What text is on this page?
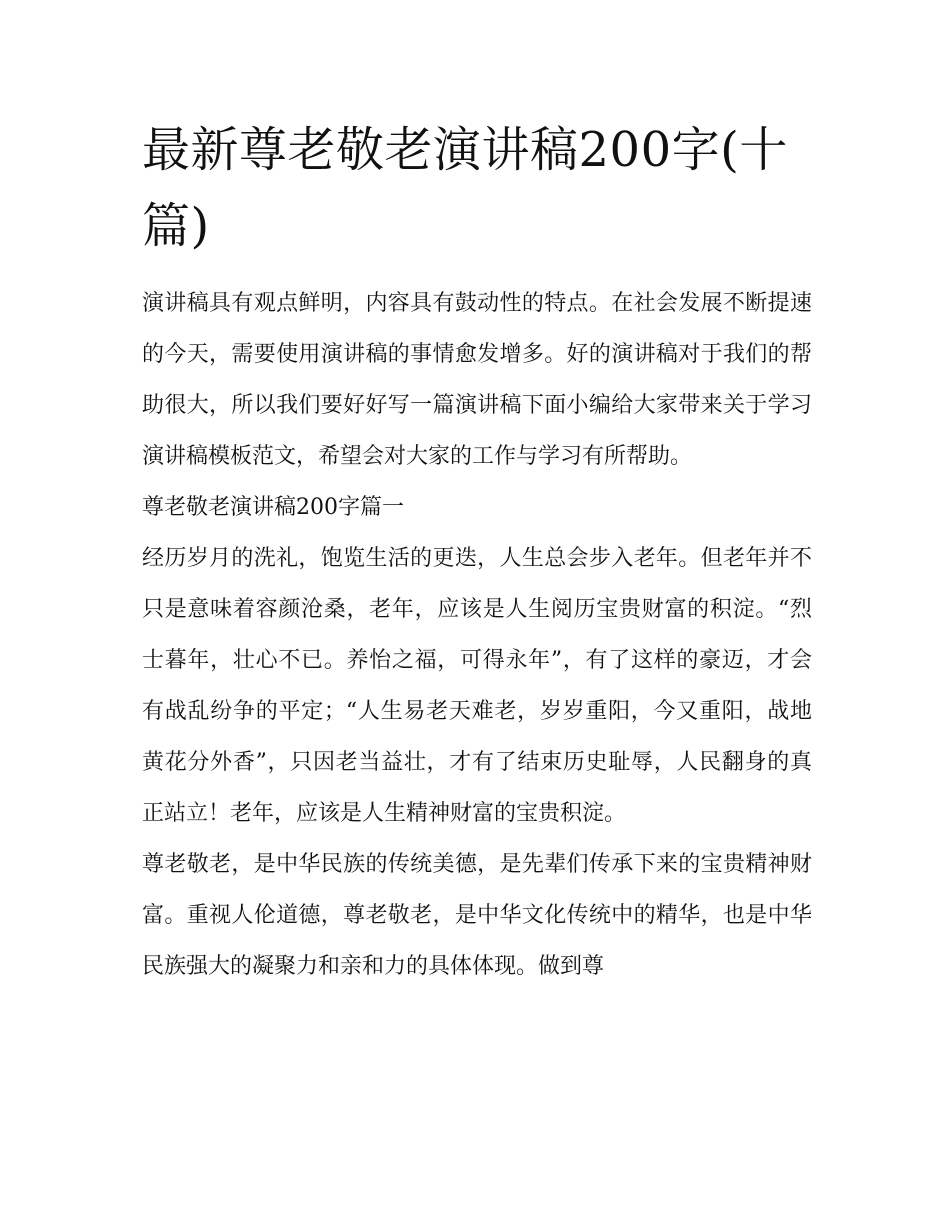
最新尊老敬老演讲稿200字(十篇)

演讲稿具有观点鲜明，内容具有鼓动性的特点。在社会发展不断提速的今天，需要使用演讲稿的事情愈发增多。好的演讲稿对于我们的帮助很大，所以我们要好好写一篇演讲稿下面小编给大家带来关于学习演讲稿模板范文，希望会对大家的工作与学习有所帮助。

尊老敬老演讲稿200字篇一

经历岁月的洗礼，饱览生活的更迭，人生总会步入老年。但老年并不只是意味着容颜沧桑，老年，应该是人生阅历宝贵财富的积淀。“烈士暮年，壮心不已。养怡之福，可得永年”，有了这样的豪迈，才会有战乱纷争的平定；“人生易老天难老，岁岁重阳，今又重阳，战地黄花分外香”，只因老当益壮，才有了结束历史耻辱，人民翻身的真正站立！老年，应该是人生精神财富的宝贵积淀。

尊老敬老，是中华民族的传统美德，是先辈们传承下来的宝贵精神财富。重视人伦道德，尊老敬老，是中华文化传统中的精华，也是中华民族强大的凝聚力和亲和力的具体体现。做到尊
